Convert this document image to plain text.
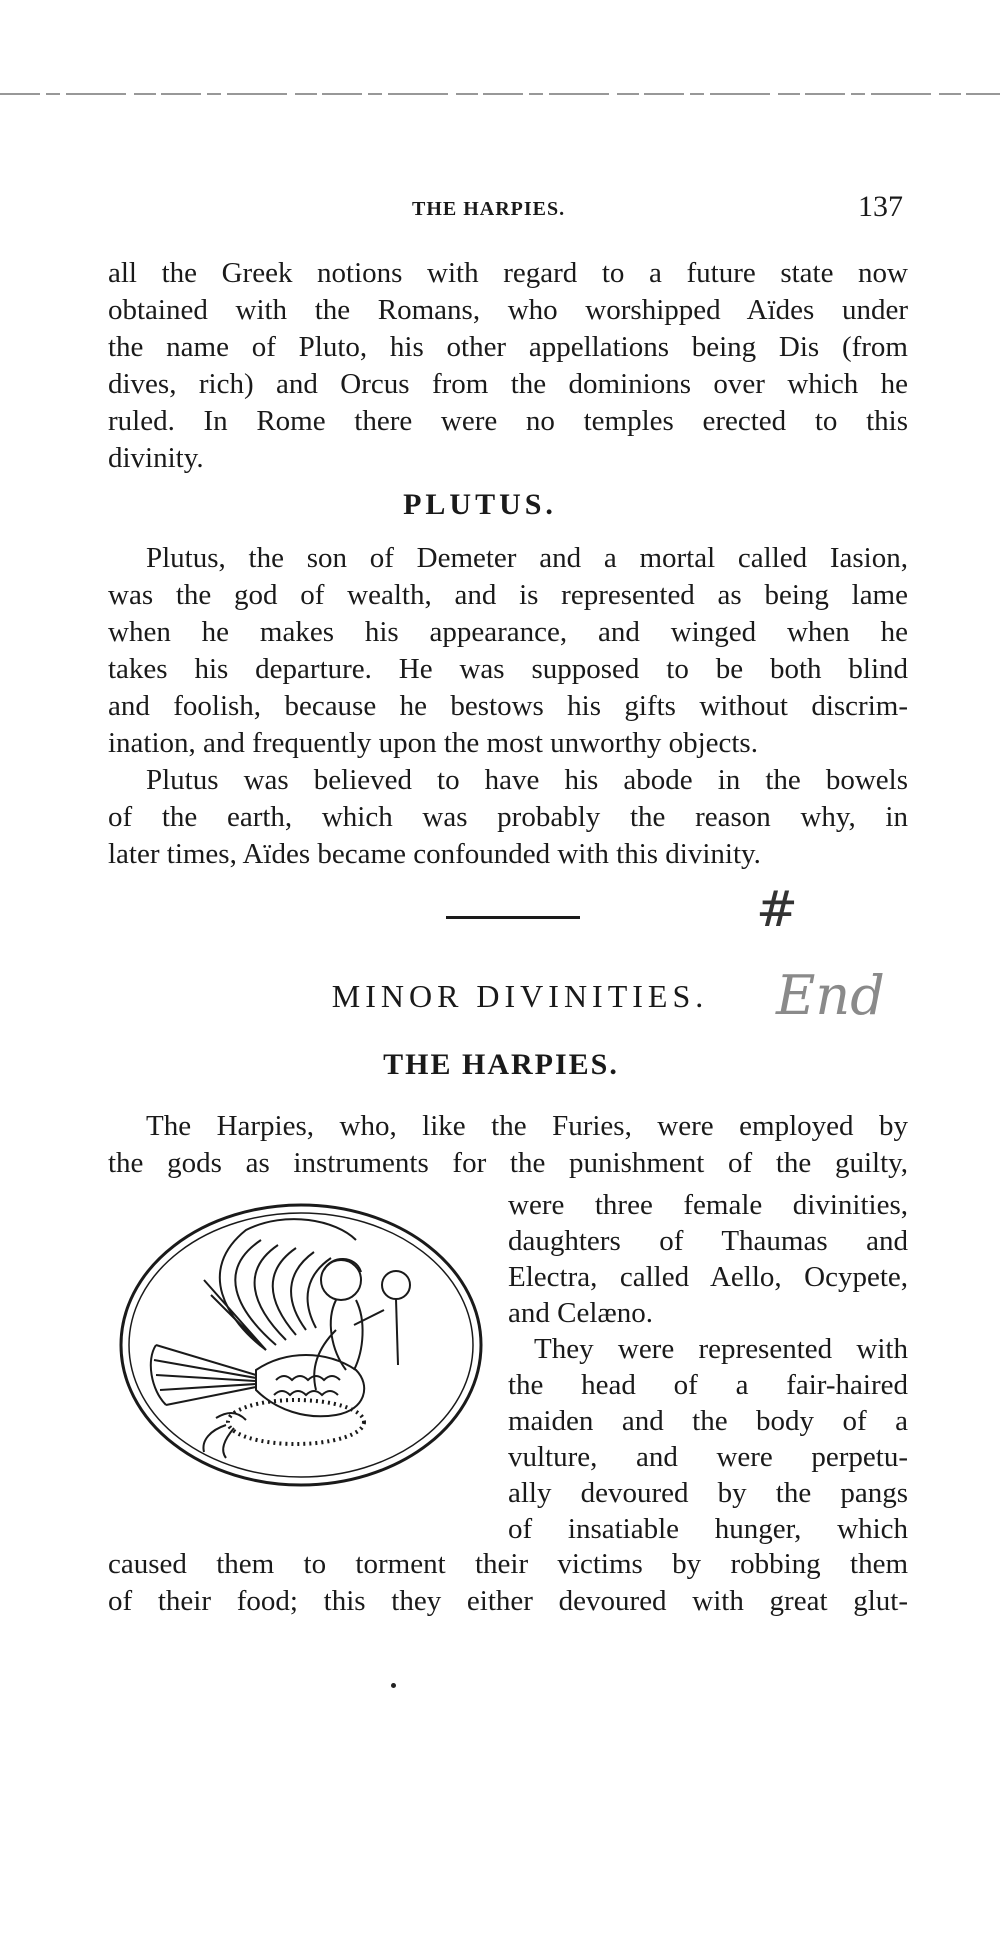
THE HARPIES.	137
all the Greek notions with regard to a future state now
obtained with the Romans, who worshipped Aïdes under
the name of Pluto, his other appellations being Dis (from
dives, rich) and Orcus from the dominions over which he
ruled. In Rome there were no temples erected to this
divinity.
PLUTUS.
Plutus, the son of Demeter and a mortal called Iasion,
was the god of wealth, and is represented as being lame
when he makes his appearance, and winged when he
takes his departure. He was supposed to be both blind
and foolish, because he bestows his gifts without discrim-
ination, and frequently upon the most unworthy objects.
Plutus was believed to have his abode in the bowels
of the earth, which was probably the reason why, in
later times, Aïdes became confounded with this divinity.
#
End
MINOR DIVINITIES.
THE HARPIES.
The Harpies, who, like the Furies, were employed by
the gods as instruments for the punishment of the guilty,
were three female divinities,
daughters of Thaumas and
Electra, called Aello, Ocypete,
and Celæno.
They were represented with
the head of a fair-haired
maiden and the body of a
vulture, and were perpetu-
ally devoured by the pangs
of insatiable hunger, which
caused them to torment their victims by robbing them
of their food; this they either devoured with great glut-
